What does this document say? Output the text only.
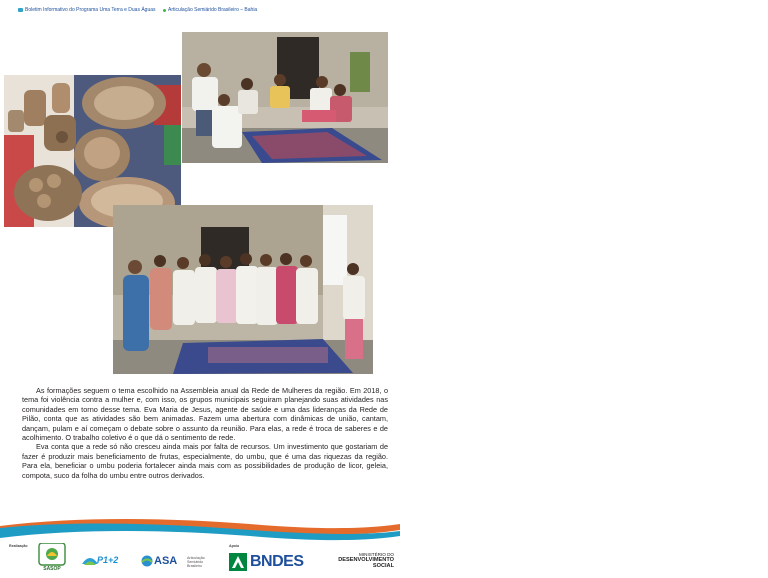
Boletim Informativo do Programa Uma Terra e Duas Águas Articulação Semiárido Brasileiro – Bahia

As formações seguem o tema escolhido na Assembleia anual da Rede de Mulheres da região. Em 2018, o tema foi violência contra a mulher e, com isso, os grupos municipais seguiram planejando suas atividades nas comunidades em torno desse tema. Eva Maria de Jesus, agente de saúde e uma das lideranças da Rede de Pilão, conta que as atividades são bem animadas. Fazem uma abertura com dinâmicas de união, cantam, dançam, pulam e aí começam o debate sobre o assunto da reunião. Para elas, a rede é troca de saberes e de acolhimento. O trabalho coletivo é o que dá o sentimento de rede.

Eva conta que a rede só não cresceu ainda mais por falta de recursos. Um investimento que gostariam de fazer é produzir mais beneficiamento de frutas, especialmente, do umbu, que é uma das riquezas da região. Para ela, beneficiar o umbu poderia fortalecer ainda mais com as possibilidades de produção de licor, geleia, compota, suco da folha do umbu entre outros derivados.

Realização	Apoio
SASOP
P1+2	ASA	Articulação Semiárido Brasileiro	BNDES	MINISTÉRIO DO
DESENVOLVIMENTO
SOCIAL
